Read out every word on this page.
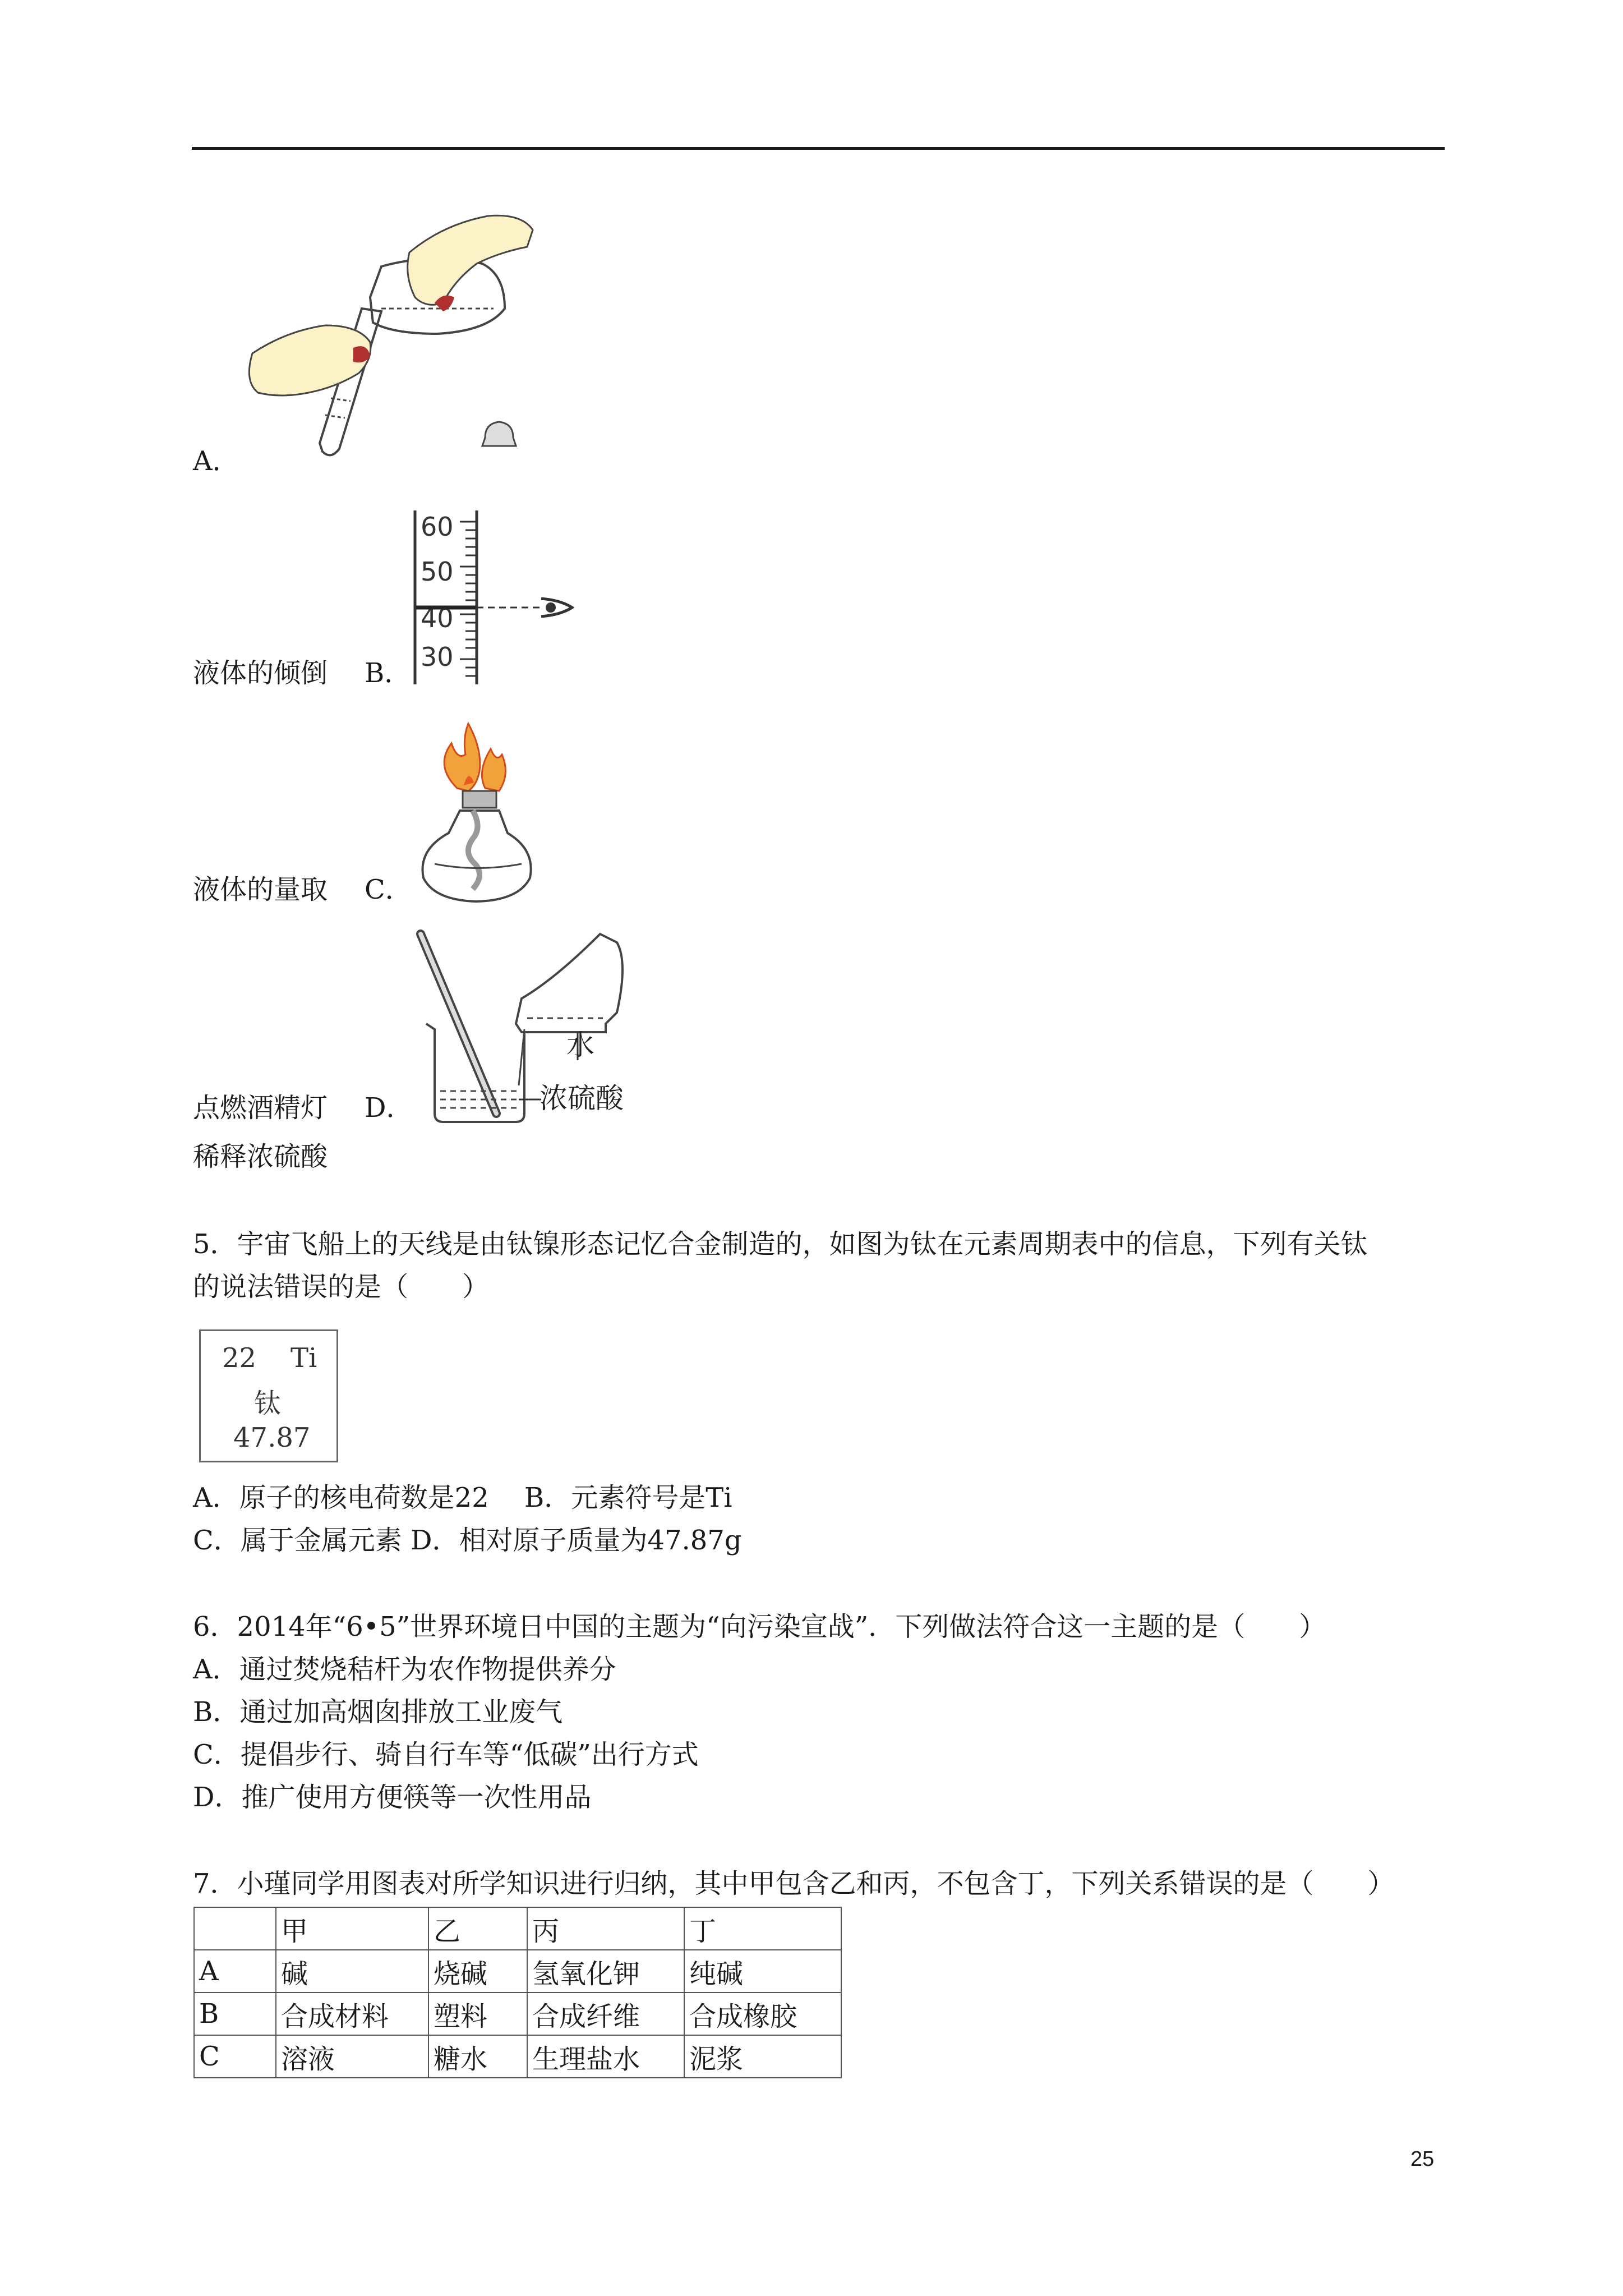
A．
液体的倾倒 B．
60
50
40
30
液体的量取 C．
点燃酒精灯 D．
水
浓硫酸
稀释浓硫酸
5．宇宙飞船上的天线是由钛镍形态记忆合金制造的，如图为钛在元素周期表中的信息，下列有关钛
的说法错误的是（　　）
22 Ti
钛
47.87
A．原子的核电荷数是22　 B．元素符号是Ti
C．属于金属元素 D．相对原子质量为47.87g
6．2014年“6•5”世界环境日中国的主题为“向污染宣战”．下列做法符合这一主题的是（　　）
A．通过焚烧秸杆为农作物提供养分
B．通过加高烟囱排放工业废气
C．提倡步行、骑自行车等“低碳”出行方式
D．推广使用方便筷等一次性用品
7．小瑾同学用图表对所学知识进行归纳，其中甲包含乙和丙，不包含丁，下列关系错误的是（　　）
	甲	乙	丙	丁
A	碱	烧碱	氢氧化钾	纯碱
B	合成材料	塑料	合成纤维	合成橡胶
C	溶液	糖水	生理盐水	泥浆
25
